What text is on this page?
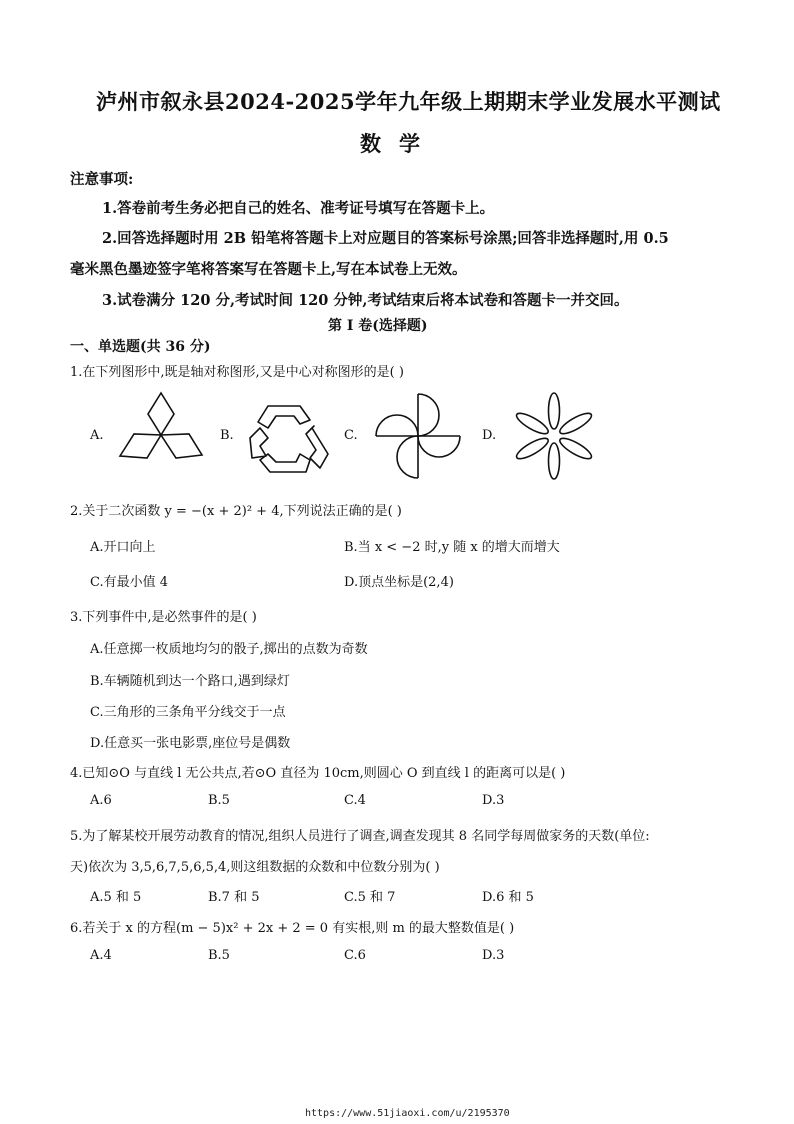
泸州市叙永县2024-2025学年九年级上期期末学业发展水平测试
数学
注意事项:
1.答卷前考生务必把自己的姓名、准考证号填写在答题卡上。
2.回答选择题时用 2B 铅笔将答题卡上对应题目的答案标号涂黑;回答非选择题时,用 0.5
毫米黑色墨迹签字笔将答案写在答题卡上,写在本试卷上无效。
3.试卷满分 120 分,考试时间 120 分钟,考试结束后将本试卷和答题卡一并交回。
第 I 卷(选择题)
一、单选题(共 36 分)
1.在下列图形中,既是轴对称图形,又是中心对称图形的是( )
A.	B.	C.	D.
2.关于二次函数 y = −(x + 2)² + 4,下列说法正确的是( )
A.开口向上	B.当 x < −2 时,y 随 x 的增大而增大
C.有最小值 4	D.顶点坐标是(2,4)
3.下列事件中,是必然事件的是( )
A.任意掷一枚质地均匀的骰子,掷出的点数为奇数
B.车辆随机到达一个路口,遇到绿灯
C.三角形的三条角平分线交于一点
D.任意买一张电影票,座位号是偶数
4.已知⊙O 与直线 l 无公共点,若⊙O 直径为 10cm,则圆心 O 到直线 l 的距离可以是( )
A.6	B.5	C.4	D.3
5.为了解某校开展劳动教育的情况,组织人员进行了调查,调查发现其 8 名同学每周做家务的天数(单位:
天)依次为 3,5,6,7,5,6,5,4,则这组数据的众数和中位数分别为( )
A.5 和 5	B.7 和 5	C.5 和 7	D.6 和 5
6.若关于 x 的方程(m − 5)x² + 2x + 2 = 0 有实根,则 m 的最大整数值是( )
A.4	B.5	C.6	D.3
https://www.51jiaoxi.com/u/2195370
